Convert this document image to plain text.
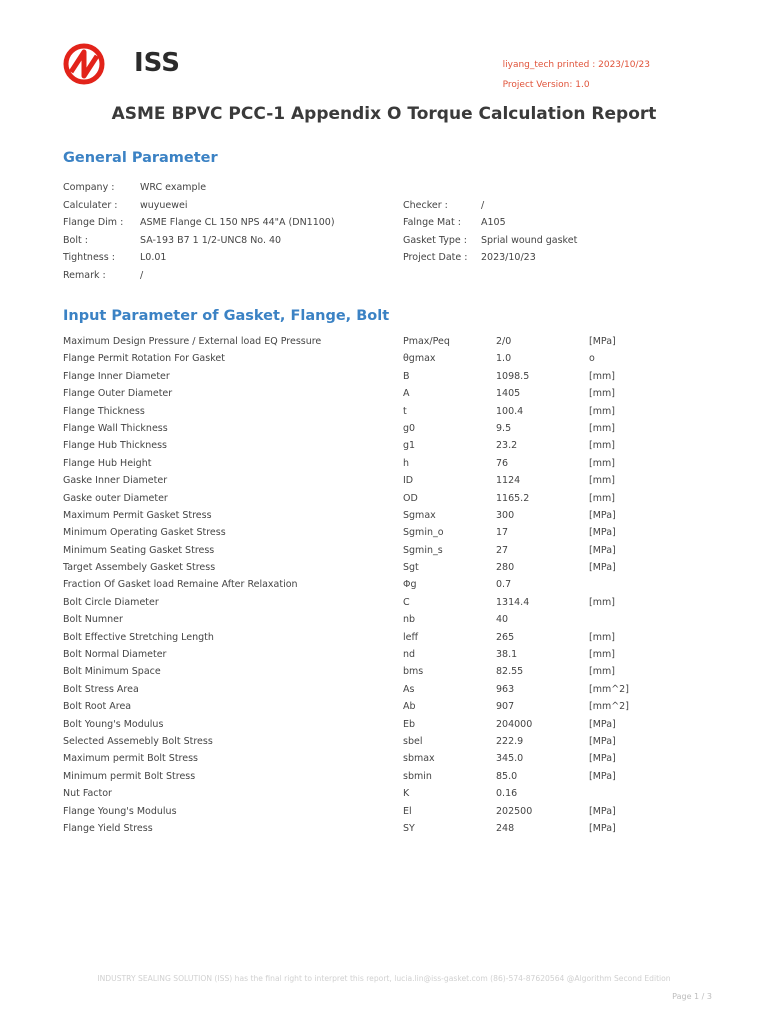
ISS	liyang_tech printed : 2023/10/23
Project Version: 1.0
ASME BPVC PCC-1 Appendix O Torque Calculation Report
General Parameter
Company :	WRC example
Calculater : wuyuewei	Checker :	/
Flange Dim : ASME Flange CL 150 NPS 44"A (DN1100)	Falnge Mat : A105
Bolt :	SA-193 B7 1 1/2-UNC8 No. 40	Gasket Type : Sprial wound gasket
Tightness :	L0.01	Project Date : 2023/10/23
Remark :	/
Input Parameter of Gasket, Flange, Bolt
Maximum Design Pressure / External load EQ Pressure	Pmax/Peq	2/0	[MPa]
Flange Permit Rotation For Gasket	θgmax	1.0	o
Flange Inner Diameter	B	1098.5	[mm]
Flange Outer Diameter	A	1405	[mm]
Flange Thickness	t	100.4	[mm]
Flange Wall Thickness	g0	9.5	[mm]
Flange Hub Thickness	g1	23.2	[mm]
Flange Hub Height	h	76	[mm]
Gaske Inner Diameter	ID	1124	[mm]
Gaske outer Diameter	OD	1165.2	[mm]
Maximum Permit Gasket Stress	Sgmax	300	[MPa]
Minimum Operating Gasket Stress	Sgmin_o	17	[MPa]
Minimum Seating Gasket Stress	Sgmin_s	27	[MPa]
Target Assembely Gasket Stress	Sgt	280	[MPa]
Fraction Of Gasket load Remaine After Relaxation	Φg	0.7
Bolt Circle Diameter	C	1314.4	[mm]
Bolt Numner	nb	40
Bolt Effective Stretching Length	leff	265	[mm]
Bolt Normal Diameter	nd	38.1	[mm]
Bolt Minimum Space	bms	82.55	[mm]
Bolt Stress Area	As	963	[mm^2]
Bolt Root Area	Ab	907	[mm^2]
Bolt Young's Modulus	Eb	204000	[MPa]
Selected Assemebly Bolt Stress	sbel	222.9	[MPa]
Maximum permit Bolt Stress	sbmax	345.0	[MPa]
Minimum permit Bolt Stress	sbmin	85.0	[MPa]
Nut Factor	K	0.16
Flange Young's Modulus	El	202500	[MPa]
Flange Yield Stress	SY	248	[MPa]
INDUSTRY SEALING SOLUTION (ISS) has the final right to interpret this report, lucia.lin@iss-gasket.com (86)-574-87620564 @Algorithm Second Edition
Page 1 / 3
